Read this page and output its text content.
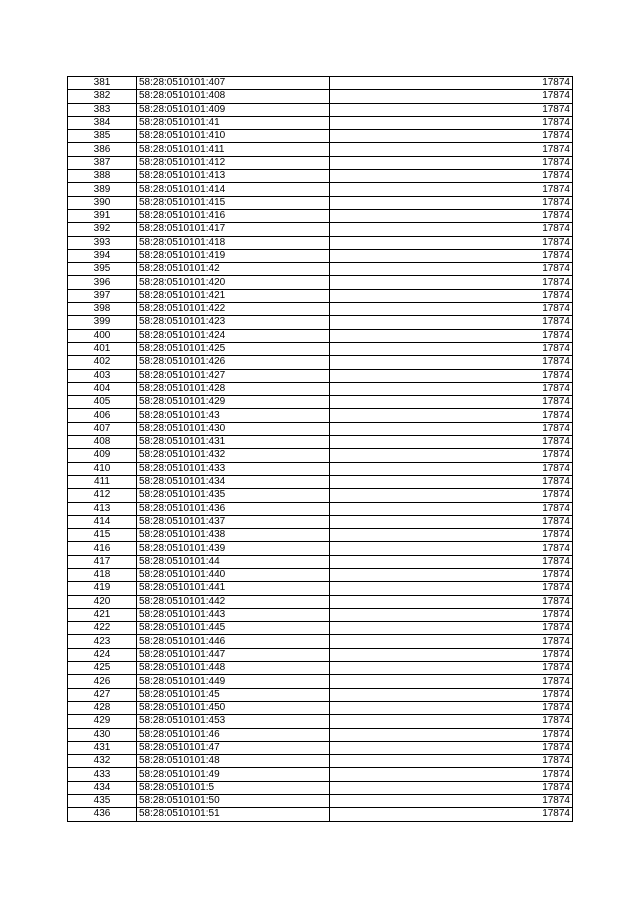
381	58:28:0510101:407	17874
382	58:28:0510101:408	17874
383	58:28:0510101:409	17874
384	58:28:0510101:41	17874
385	58:28:0510101:410	17874
386	58:28:0510101:411	17874
387	58:28:0510101:412	17874
388	58:28:0510101:413	17874
389	58:28:0510101:414	17874
390	58:28:0510101:415	17874
391	58:28:0510101:416	17874
392	58:28:0510101:417	17874
393	58:28:0510101:418	17874
394	58:28:0510101:419	17874
395	58:28:0510101:42	17874
396	58:28:0510101:420	17874
397	58:28:0510101:421	17874
398	58:28:0510101:422	17874
399	58:28:0510101:423	17874
400	58:28:0510101:424	17874
401	58:28:0510101:425	17874
402	58:28:0510101:426	17874
403	58:28:0510101:427	17874
404	58:28:0510101:428	17874
405	58:28:0510101:429	17874
406	58:28:0510101:43	17874
407	58:28:0510101:430	17874
408	58:28:0510101:431	17874
409	58:28:0510101:432	17874
410	58:28:0510101:433	17874
411	58:28:0510101:434	17874
412	58:28:0510101:435	17874
413	58:28:0510101:436	17874
414	58:28:0510101:437	17874
415	58:28:0510101:438	17874
416	58:28:0510101:439	17874
417	58:28:0510101:44	17874
418	58:28:0510101:440	17874
419	58:28:0510101:441	17874
420	58:28:0510101:442	17874
421	58:28:0510101:443	17874
422	58:28:0510101:445	17874
423	58:28:0510101:446	17874
424	58:28:0510101:447	17874
425	58:28:0510101:448	17874
426	58:28:0510101:449	17874
427	58:28:0510101:45	17874
428	58:28:0510101:450	17874
429	58:28:0510101:453	17874
430	58:28:0510101:46	17874
431	58:28:0510101:47	17874
432	58:28:0510101:48	17874
433	58:28:0510101:49	17874
434	58:28:0510101:5	17874
435	58:28:0510101:50	17874
436	58:28:0510101:51	17874
